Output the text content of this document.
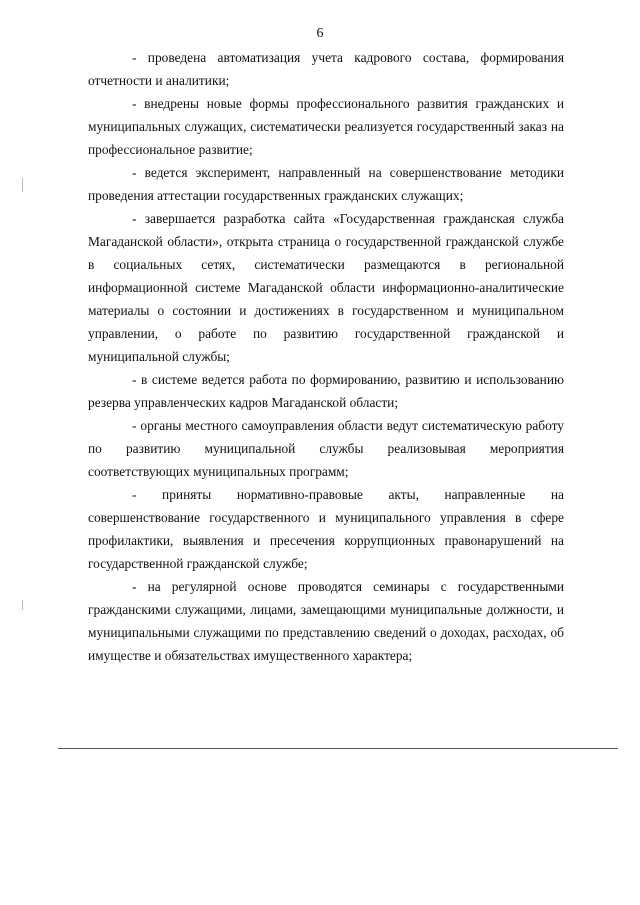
6

- проведена автоматизация учета кадрового состава, формирования отчетности и аналитики;

- внедрены новые формы профессионального развития гражданских и муниципальных служащих, систематически реализуется государственный заказ на профессиональное развитие;

- ведется эксперимент, направленный на совершенствование методики проведения аттестации государственных гражданских служащих;

- завершается разработка сайта «Государственная гражданская служба Магаданской области», открыта страница о государственной гражданской службе в социальных сетях, систематически размещаются в региональной информационной системе Магаданской области информационно-аналитические материалы о состоянии и достижениях в государственном и муниципальном управлении, о работе по развитию государственной гражданской и муниципальной службы;

- в системе ведется работа по формированию, развитию и использованию резерва управленческих кадров Магаданской области;

- органы местного самоуправления области ведут систематическую работу по развитию муниципальной службы реализовывая мероприятия соответствующих муниципальных программ;

- приняты нормативно-правовые акты, направленные на совершенствование государственного и муниципального управления в сфере профилактики, выявления и пресечения коррупционных правонарушений на государственной гражданской службе;

- на регулярной основе проводятся семинары с государственными гражданскими служащими, лицами, замещающими муниципальные должности, и муниципальными служащими по представлению сведений о доходах, расходах, об имуществе и обязательствах имущественного характера;
